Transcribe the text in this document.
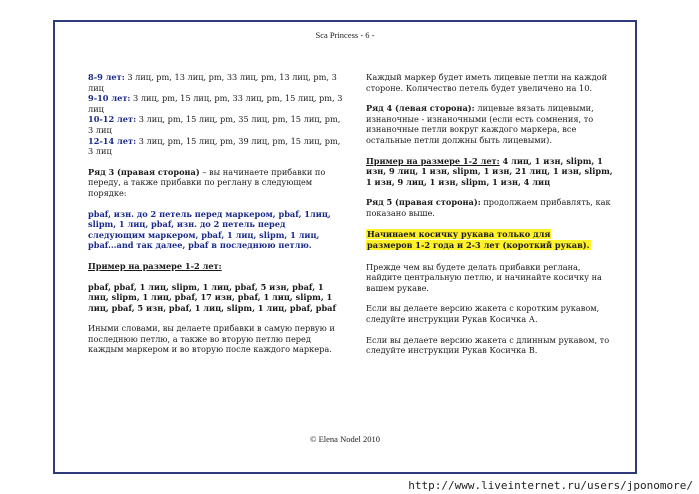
Sca Princess - 6 -

8-9 лет: 3 лиц, pm, 13 лиц, pm, 33 лиц, pm, 13 лиц, pm, 3 лиц

9-10 лет: 3 лиц, pm, 15 лиц, pm, 33 лиц, pm, 15 лиц, pm, 3 лиц

10-12 лет: 3 лиц, pm, 15 лиц, pm, 35 лиц, pm, 15 лиц, pm, 3 лиц

12-14 лет: 3 лиц, pm, 15 лиц, pm, 39 лиц, pm, 15 лиц, pm, 3 лиц

Ряд 3 (правая сторона) – вы начинаете прибавки по переду, а также прибавки по реглану в следующем порядке:

pbaf, изн. до 2 петель перед маркером, pbaf, 1лиц, slipm, 1 лиц, pbaf, изн. до 2 петель перед следующим маркером, pbaf, 1 лиц, slipm, 1 лиц, pbaf...and так далее, pbaf в последнюю петлю.

Пример на размере 1-2 лет:

pbaf, pbaf, 1 лиц, slipm, 1 лиц, pbaf, 5 изн, pbaf, 1 лиц, slipm, 1 лиц, pbaf, 17 изн, pbaf, 1 лиц, slipm, 1 лиц, pbaf, 5 изн, pbaf, 1 лиц, slipm, 1 лиц, pbaf, pbaf

Иными словами, вы делаете прибавки в самую первую и последнюю петлю, а также во вторую петлю перед каждым маркером и во вторую после каждого маркера.

Каждый маркер будет иметь лицевые петли на каждой стороне. Количество петель будет увеличено на 10.

Ряд 4 (левая сторона): лицевые вязать лицевыми, изнаночные - изнаночными (если есть сомнения, то изнаночные петли вокруг каждого маркера, все остальные петли должны быть лицевыми).

Пример на размере 1-2 лет: 4 лиц, 1 изн, slipm, 1 изн, 9 лиц, 1 изн, slipm, 1 изн, 21 лиц, 1 изн, slipm, 1 изн, 9 лиц, 1 изн, slipm, 1 изн, 4 лиц

Ряд 5 (правая сторона): продолжаем прибавлять, как показано выше.

Начинаем косичку рукава только для
размеров 1-2 года и 2-3 лет (короткий рукав).

Прежде чем вы будете делать прибавки реглана, найдите центральную петлю, и начинайте косичку на вашем рукаве.

Если вы делаете версию жакета с коротким рукавом, следуйте инструкции Рукав Косичка А.

Если вы делаете версию жакета с длинным рукавом, то следуйте инструкции Рукав Косичка В.

© Elena Nodel 2010
http://www.liveinternet.ru/users/jponomore/
